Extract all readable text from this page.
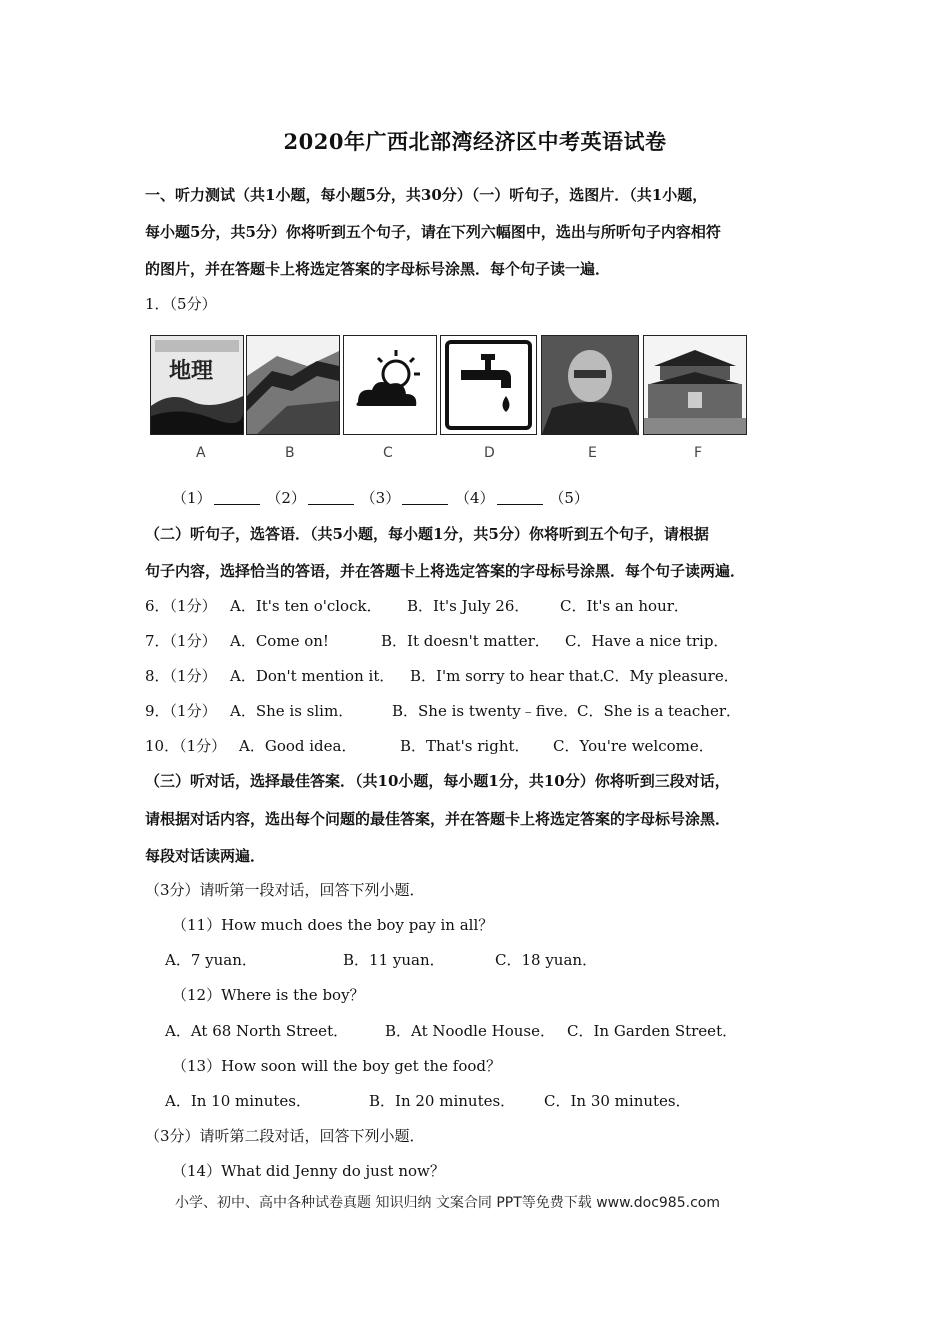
2020年广西北部湾经济区中考英语试卷
一、听力测试（共1小题，每小题5分，共30分）（一）听句子，选图片．（共1小题，
每小题5分，共5分）你将听到五个句子，请在下列六幅图中，选出与所听句子内容相符
的图片，并在答题卡上将选定答案的字母标号涂黑．每个句子读一遍．
1．（5分）
地理
A	B	C	D	E	F
（1）	（2）	（3）	（4）	（5）
（二）听句子，选答语．（共5小题，每小题1分，共5分）你将听到五个句子，请根据
句子内容，选择恰当的答语，并在答题卡上将选定答案的字母标号涂黑．每个句子读两遍．
6．（1分） A．It's ten o'clock． B．It's July 26． C．It's an hour．
7．（1分） A．Come on!	B．It doesn't matter． C．Have a nice trip．
8．（1分） A．Don't mention it． B．I'm sorry to hear that．
C．My pleasure．
9．（1分） A．She is slim．	B．She is twenty﹣five．
C．She is a teacher．
10．（1分） A．Good idea．	B．That's right． C．You're welcome．
（三）听对话，选择最佳答案．（共10小题，每小题1分，共10分）你将听到三段对话，
请根据对话内容，选出每个问题的最佳答案，并在答题卡上将选定答案的字母标号涂黑．
每段对话读两遍．
（3分）请听第一段对话，回答下列小题．
（11）How much does the boy pay in all？
A．7 yuan．	B．11 yuan．	C．18 yuan．
（12）Where is the boy？
A．At 68 North Street． B．At Noodle House． C．In Garden Street．
（13）How soon will the boy get the food？
A．In 10 minutes．	B．In 20 minutes． C．In 30 minutes．
（3分）请听第二段对话，回答下列小题．
（14）What did Jenny do just now？
小学、初中、高中各种试卷真题 知识归纳 文案合同 PPT等免费下载 www.doc985.com
